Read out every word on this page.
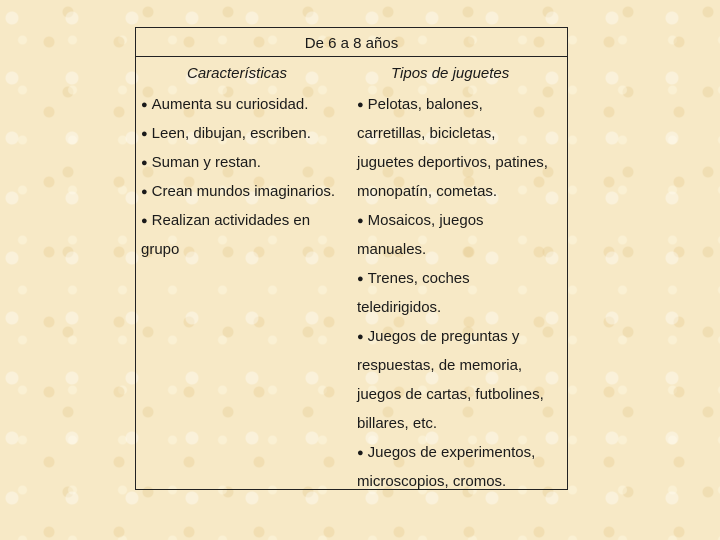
De 6 a 8 años
Características	Tipos de juguetes
● Aumenta su curiosidad.
● Leen, dibujan, escriben.
● Suman y restan.
● Crean mundos imaginarios.
● Realizan actividades en
grupo
● Pelotas, balones,
carretillas, bicicletas,
juguetes deportivos, patines,
monopatín, cometas.
● Mosaicos, juegos
manuales.
● Trenes, coches
teledirigidos.
● Juegos de preguntas y
respuestas, de memoria,
juegos de cartas, futbolines,
billares, etc.
● Juegos de experimentos,
microscopios, cromos.
